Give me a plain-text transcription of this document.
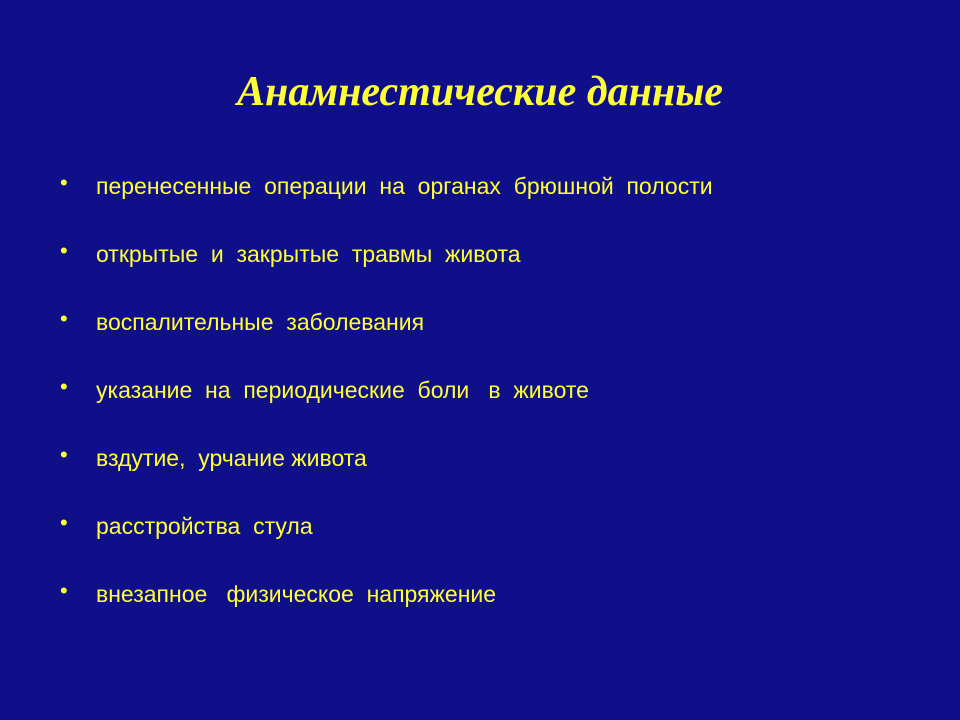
Анамнестические данные
• перенесенные  операции  на  органах  брюшной  полости
• открытые  и  закрытые  травмы  живота
• воспалительные  заболевания
• указание  на  периодические  боли   в  животе
• вздутие,  урчание живота
• расстройства  стула
• внезапное   физическое  напряжение
